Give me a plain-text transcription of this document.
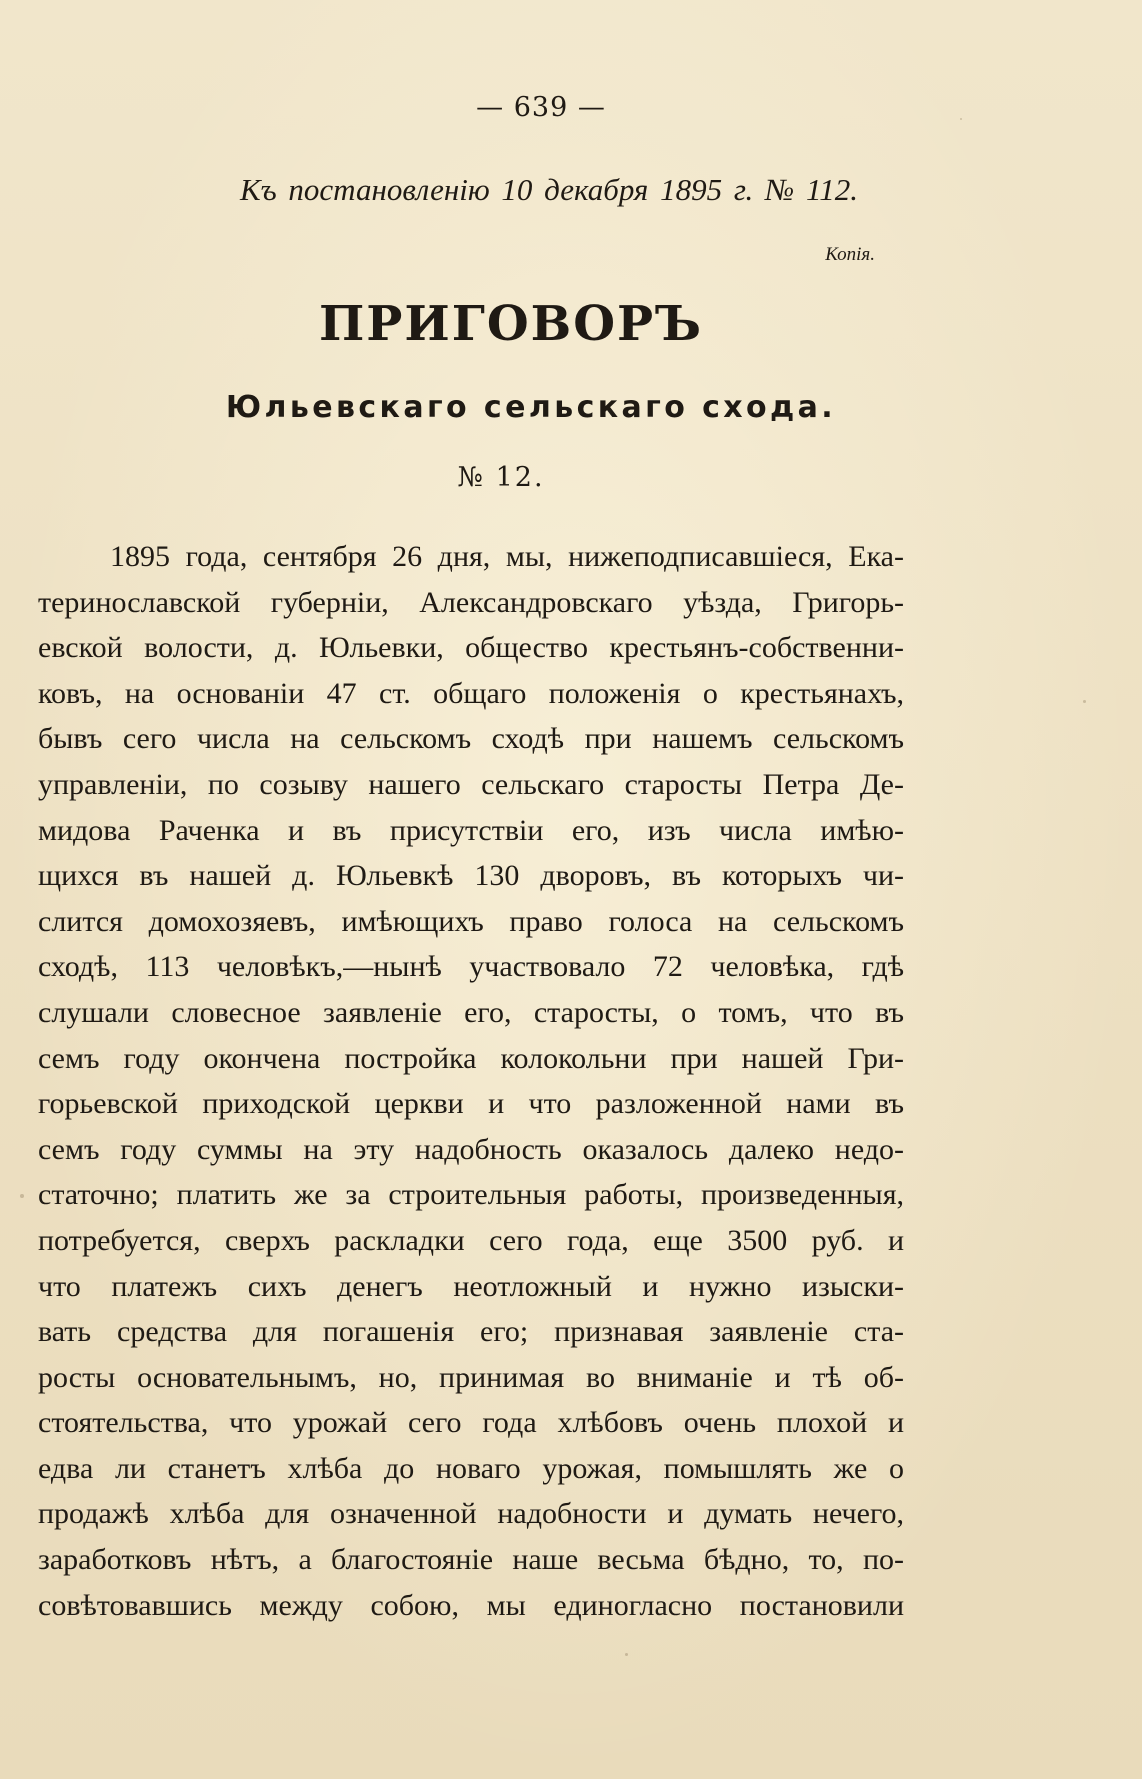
— 639 —
Къ постановленію 10 декабря 1895 г. № 112.
Копія.
ПРИГОВОРЪ
Юльевскаго сельскаго схода.
№ 12.
1895 года, сентября 26 дня, мы, нижеподписавшіеся, Ека-
теринославской губерніи, Александровскаго уѣзда, Григорь-
евской волости, д. Юльевки, общество крестьянъ-собственни-
ковъ, на основаніи 47 ст. общаго положенія о крестьянахъ,
бывъ сего числа на сельскомъ сходѣ при нашемъ сельскомъ
управленіи, по созыву нашего сельскаго старосты Петра Де-
мидова Раченка и въ присутствіи его, изъ числа имѣю-
щихся въ нашей д. Юльевкѣ 130 дворовъ, въ которыхъ чи-
слится домохозяевъ, имѣющихъ право голоса на сельскомъ
сходѣ, 113 человѣкъ,—нынѣ участвовало 72 человѣка, гдѣ
слушали словесное заявленіе его, старосты, о томъ, что въ
семъ году окончена постройка колокольни при нашей Гри-
горьевской приходской церкви и что разложенной нами въ
семъ году суммы на эту надобность оказалось далеко недо-
статочно; платить же за строительныя работы, произведенныя,
потребуется, сверхъ раскладки сего года, еще 3500 руб. и
что платежъ сихъ денегъ неотложный и нужно изыски-
вать средства для погашенія его; признавая заявленіе ста-
росты основательнымъ, но, принимая во вниманіе и тѣ об-
стоятельства, что урожай сего года хлѣбовъ очень плохой и
едва ли станетъ хлѣба до новаго урожая, помышлять же о
продажѣ хлѣба для означенной надобности и думать нечего,
заработковъ нѣтъ, а благостояніе наше весьма бѣдно, то, по-
совѣтовавшись между собою, мы единогласно постановили
